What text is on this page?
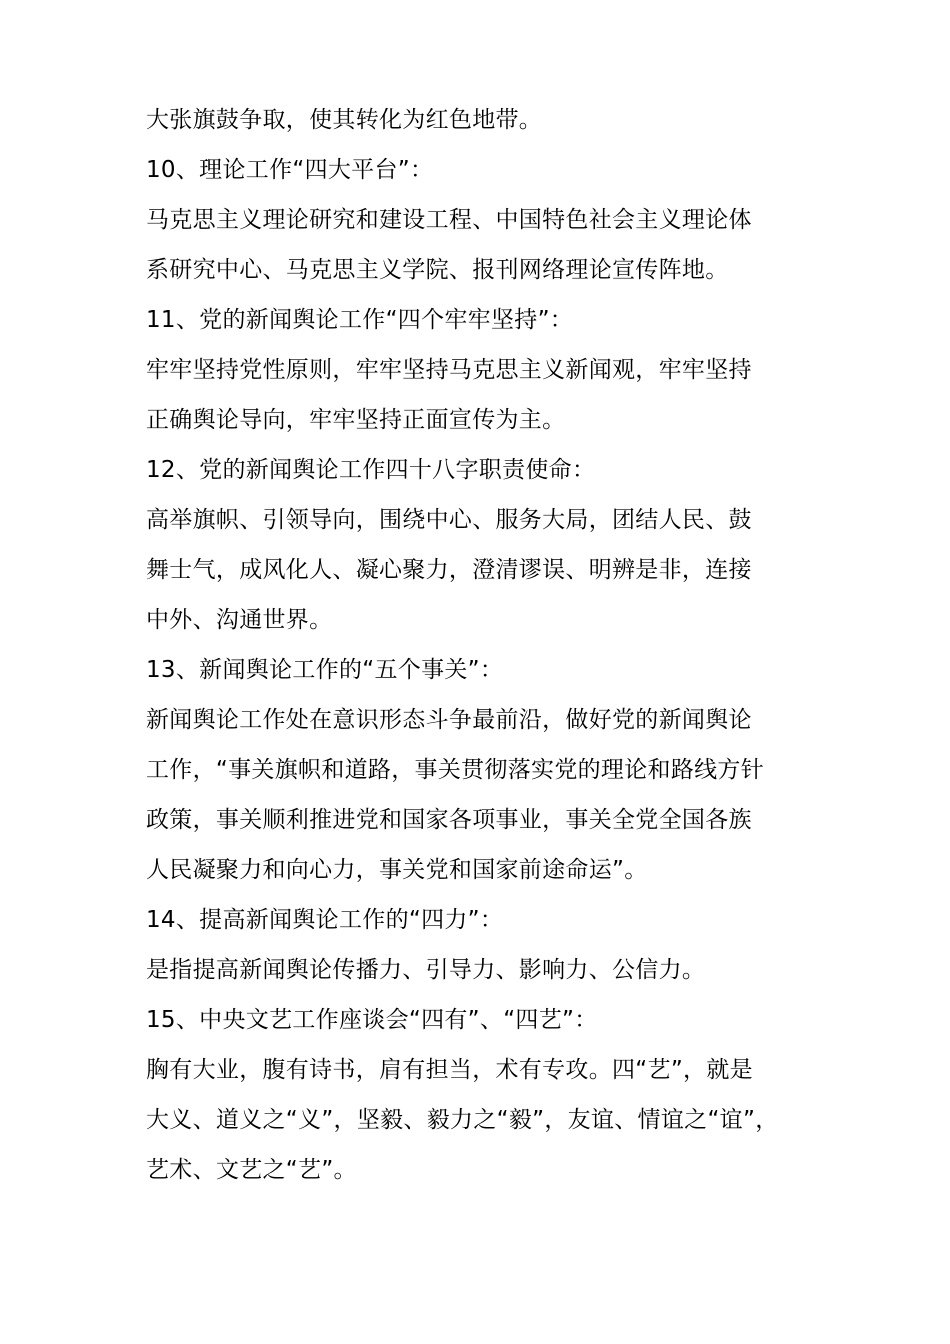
大张旗鼓争取，使其转化为红色地带。
10、理论工作“四大平台”：
马克思主义理论研究和建设工程、中国特色社会主义理论体
系研究中心、马克思主义学院、报刊网络理论宣传阵地。
11、党的新闻舆论工作“四个牢牢坚持”：
牢牢坚持党性原则，牢牢坚持马克思主义新闻观，牢牢坚持
正确舆论导向，牢牢坚持正面宣传为主。
12、党的新闻舆论工作四十八字职责使命：
高举旗帜、引领导向，围绕中心、服务大局，团结人民、鼓
舞士气，成风化人、凝心聚力，澄清谬误、明辨是非，连接
中外、沟通世界。
13、新闻舆论工作的“五个事关”：
新闻舆论工作处在意识形态斗争最前沿，做好党的新闻舆论
工作，“事关旗帜和道路，事关贯彻落实党的理论和路线方针
政策，事关顺利推进党和国家各项事业，事关全党全国各族
人民凝聚力和向心力，事关党和国家前途命运”。
14、提高新闻舆论工作的“四力”：
是指提高新闻舆论传播力、引导力、影响力、公信力。
15、中央文艺工作座谈会“四有”、“四艺”：
胸有大业，腹有诗书，肩有担当，术有专攻。四“艺”，就是
大义、道义之“义”，坚毅、毅力之“毅”，友谊、情谊之“谊”，
艺术、文艺之“艺”。
